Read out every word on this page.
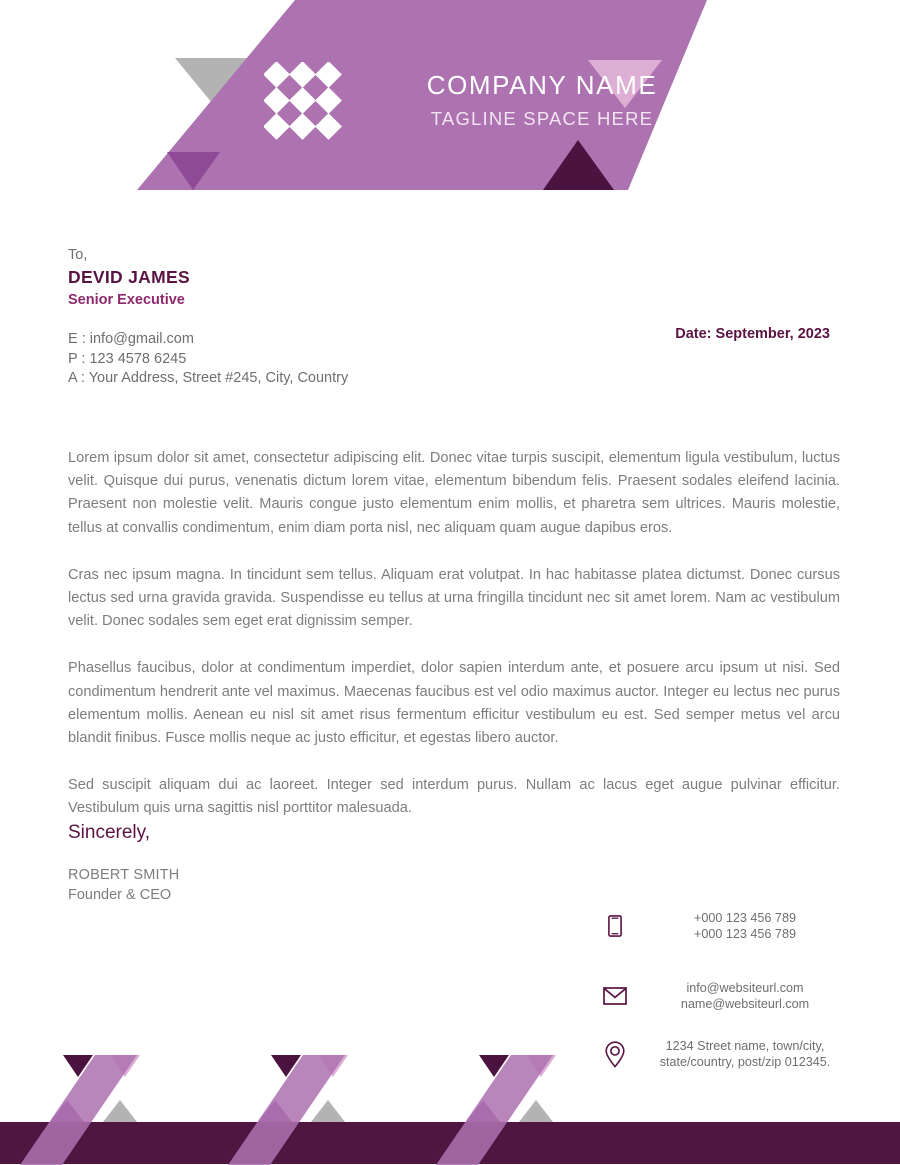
COMPANY NAME
TAGLINE SPACE HERE
To,
DEVID JAMES
Senior Executive
E : info@gmail.com
P : 123 4578 6245
A : Your Address, Street #245, City, Country
Date: September, 2023

Lorem ipsum dolor sit amet, consectetur adipiscing elit. Donec vitae turpis suscipit, elementum ligula vestibulum, luctus velit. Quisque dui purus, venenatis dictum lorem vitae, elementum bibendum felis. Praesent sodales eleifend lacinia. Praesent non molestie velit. Mauris congue justo elementum enim mollis, et pharetra sem ultrices. Mauris molestie, tellus at convallis condimentum, enim diam porta nisl, nec aliquam quam augue dapibus eros.

Cras nec ipsum magna. In tincidunt sem tellus. Aliquam erat volutpat. In hac habitasse platea dictumst. Donec cursus lectus sed urna gravida gravida. Suspendisse eu tellus at urna fringilla tincidunt nec sit amet lorem. Nam ac vestibulum velit. Donec sodales sem eget erat dignissim semper.

Phasellus faucibus, dolor at condimentum imperdiet, dolor sapien interdum ante, et posuere arcu ipsum ut nisi. Sed condimentum hendrerit ante vel maximus. Maecenas faucibus est vel odio maximus auctor. Integer eu lectus nec purus elementum mollis. Aenean eu nisl sit amet risus fermentum efficitur vestibulum eu est. Sed semper metus vel arcu blandit finibus. Fusce mollis neque ac justo efficitur, et egestas libero auctor.

Sed suscipit aliquam dui ac laoreet. Integer sed interdum purus. Nullam ac lacus eget augue pulvinar efficitur. Vestibulum quis urna sagittis nisl porttitor malesuada.

Sincerely,
ROBERT SMITH
Founder & CEO
+000 123 456 789
+000 123 456 789
info@websiteurl.com
name@websiteurl.com
1234 Street name, town/city,
state/country, post/zip 012345.
